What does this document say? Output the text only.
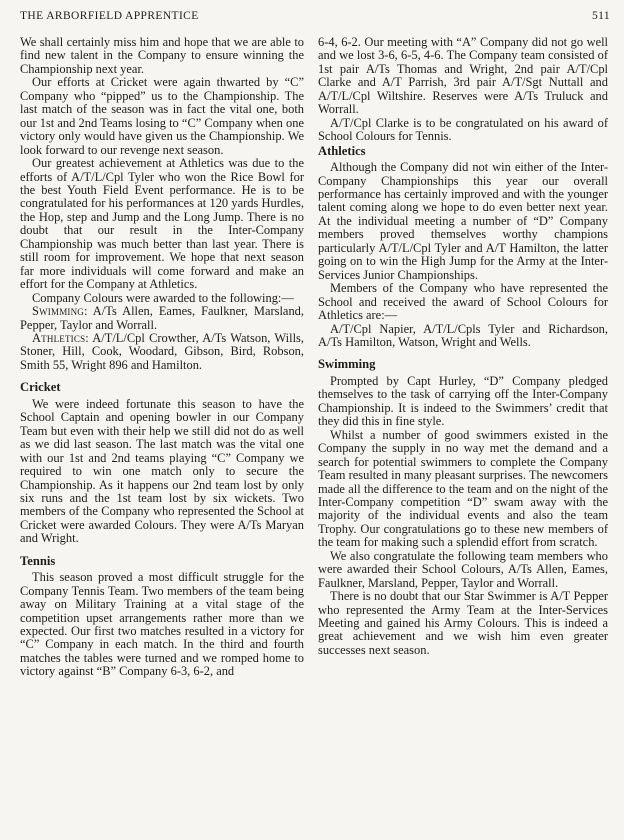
THE ARBORFIELD APPRENTICE	511

We shall certainly miss him and hope that we are able to find new talent in the Company to ensure winning the Championship next year.

Our efforts at Cricket were again thwarted by “C” Company who “pipped” us to the Championship. The last match of the season was in fact the vital one, both our 1st and 2nd Teams losing to “C” Company when one victory only would have given us the Championship. We look forward to our revenge next season.

Our greatest achievement at Athletics was due to the efforts of A/T/L/Cpl Tyler who won the Rice Bowl for the best Youth Field Event performance. He is to be congratulated for his performances at 120 yards Hurdles, the Hop, step and Jump and the Long Jump. There is no doubt that our result in the Inter-Company Championship was much better than last year. There is still room for improvement. We hope that next season far more individuals will come forward and make an effort for the Company at Athletics.

Company Colours were awarded to the following:—

Swimming: A/Ts Allen, Eames, Faulkner, Marsland, Pepper, Taylor and Worrall.

Athletics: A/T/L/Cpl Crowther, A/Ts Watson, Wills, Stoner, Hill, Cook, Woodard, Gibson, Bird, Robson, Smith 55, Wright 896 and Hamilton.

Cricket

We were indeed fortunate this season to have the School Captain and opening bowler in our Company Team but even with their help we still did not do as well as we did last season. The last match was the vital one with our 1st and 2nd teams playing “C” Company we required to win one match only to secure the Championship. As it happens our 2nd team lost by only six runs and the 1st team lost by six wickets. Two members of the Company who represented the School at Cricket were awarded Colours. They were A/Ts Maryan and Wright.

Tennis

This season proved a most difficult struggle for the Company Tennis Team. Two members of the team being away on Military Training at a vital stage of the competition upset arrangements rather more than we expected. Our first two matches resulted in a victory for “C” Company in each match. In the third and fourth matches the tables were turned and we romped home to victory against “B” Company 6-3, 6-2, and

6-4, 6-2. Our meeting with “A” Company did not go well and we lost 3-6, 6-5, 4-6. The Company team consisted of 1st pair A/Ts Thomas and Wright, 2nd pair A/T/Cpl Clarke and A/T Parrish, 3rd pair A/T/Sgt Nuttall and A/T/L/Cpl Wiltshire. Reserves were A/Ts Truluck and Worrall.

A/T/Cpl Clarke is to be congratulated on his award of School Colours for Tennis.

Athletics

Although the Company did not win either of the Inter-Company Championships this year our overall performance has certainly improved and with the younger talent coming along we hope to do even better next year. At the individual meeting a number of “D” Company members proved themselves worthy champions particularly A/T/L/Cpl Tyler and A/T Hamilton, the latter going on to win the High Jump for the Army at the Inter-Services Junior Championships.

Members of the Company who have represented the School and received the award of School Colours for Athletics are:—

A/T/Cpl Napier, A/T/L/Cpls Tyler and Richardson, A/Ts Hamilton, Watson, Wright and Wells.

Swimming

Prompted by Capt Hurley, “D” Company pledged themselves to the task of carrying off the Inter-Company Championship. It is indeed to the Swimmers’ credit that they did this in fine style.

Whilst a number of good swimmers existed in the Company the supply in no way met the demand and a search for potential swimmers to complete the Company Team resulted in many pleasant surprises. The newcomers made all the difference to the team and on the night of the Inter-Company competition “D” swam away with the majority of the individual events and also the team Trophy. Our congratulations go to these new members of the team for making such a splendid effort from scratch.

We also congratulate the following team members who were awarded their School Colours, A/Ts Allen, Eames, Faulkner, Marsland, Pepper, Taylor and Worrall.

There is no doubt that our Star Swimmer is A/T Pepper who represented the Army Team at the Inter-Services Meeting and gained his Army Colours. This is indeed a great achievement and we wish him even greater successes next season.
